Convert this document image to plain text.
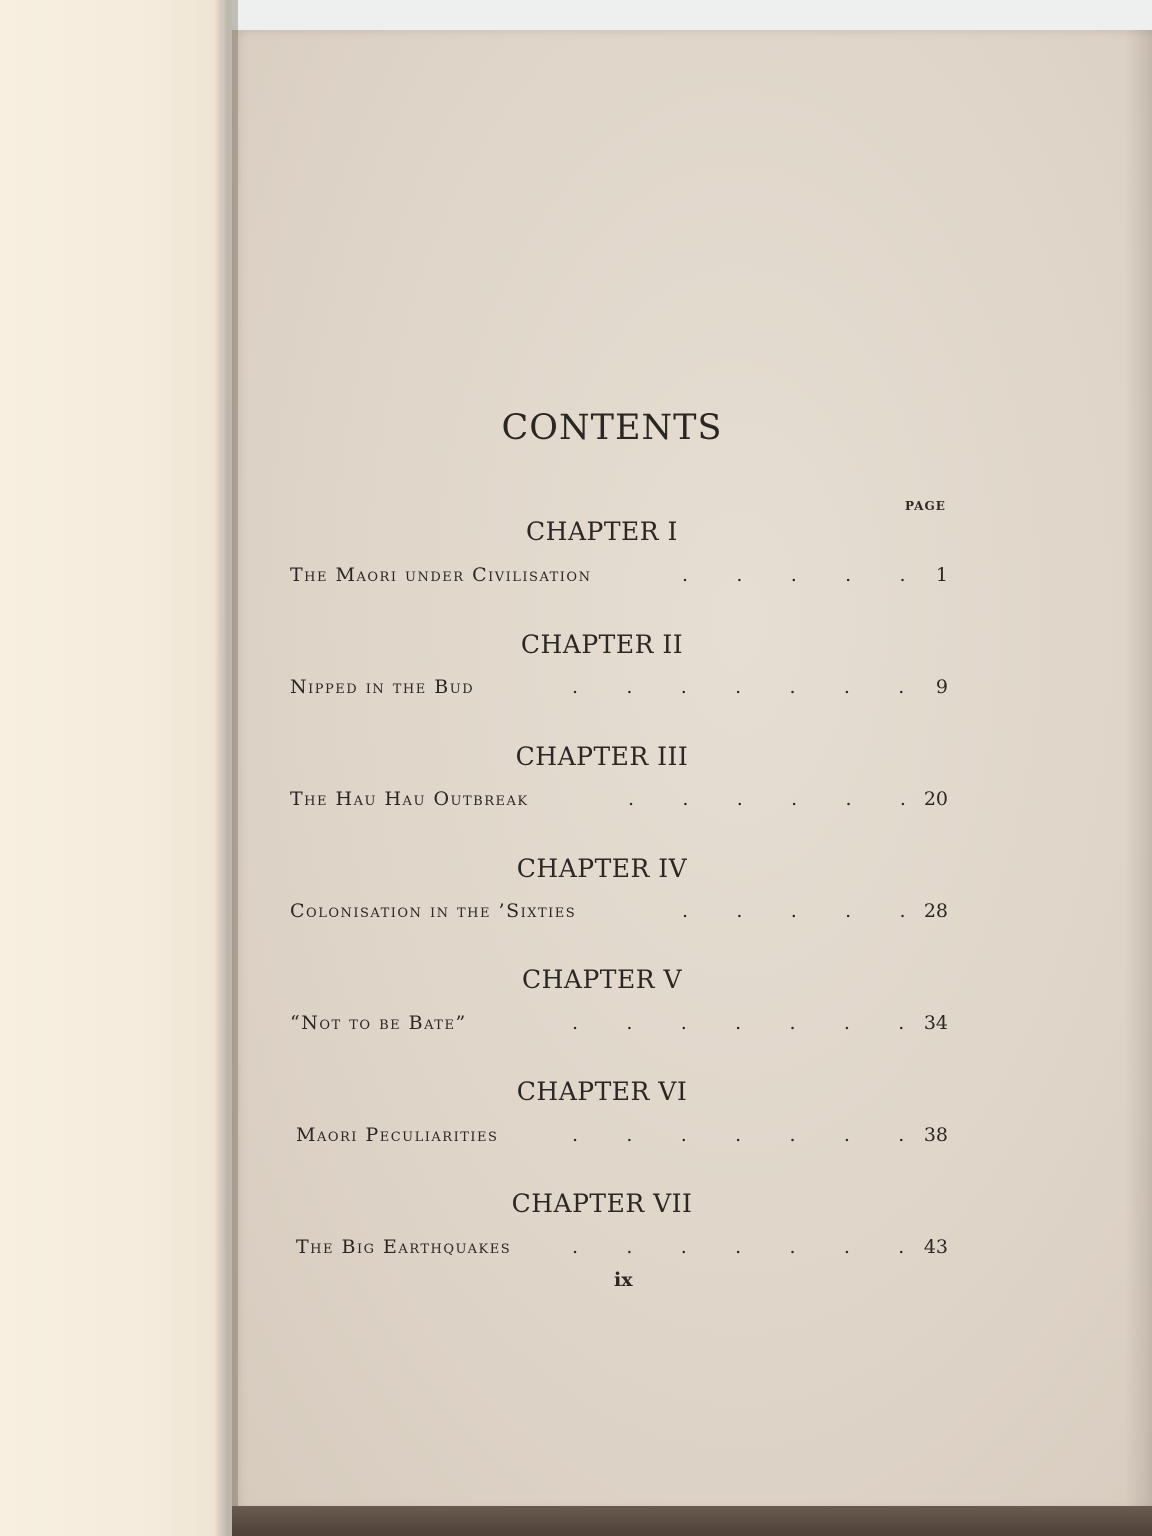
CONTENTS
PAGE
CHAPTER I
The Maori under Civilisation	.	.	.	.	. 1
CHAPTER II
Nipped in the Bud	.	.	.	.	.	.	. 9
CHAPTER III
The Hau Hau Outbreak	.	.	.	.	.	. 20
CHAPTER IV
Colonisation in the ’Sixties	.	.	.	.	. 28
CHAPTER V
“Not to be Bate”	.	.	.	.	.	.	. 34
CHAPTER VI
Maori Peculiarities	.	.	.	.	.	.	. 38
CHAPTER VII
The Big Earthquakes	.	.	.	.	.	.	. 43
ix
